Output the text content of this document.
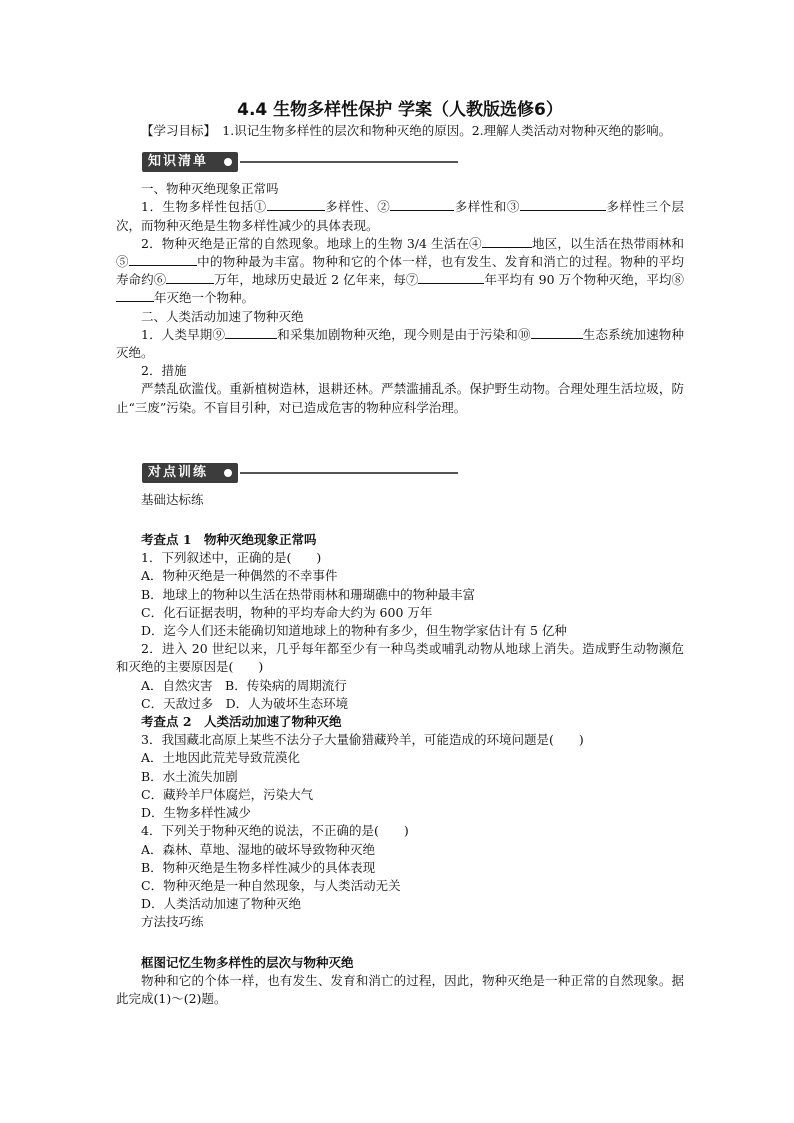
4.4 生物多样性保护 学案（人教版选修6）

【学习目标】　 1.识记生物多样性的层次和物种灭绝的原因。2.理解人类活动对物种灭绝的影响。

知识清单

一、物种灭绝现象正常吗

1．生物多样性包括①	多样性、②	多样性和③	多样性三个层次，而物种灭绝是生物多样性减少的具体表现。

2．物种灭绝是正常的自然现象。地球上的生物 3/4 生活在④	地区，以生活在热带雨林和⑤	中的物种最为丰富。物种和它的个体一样，也有发生、发育和消亡的过程。物种的平均寿命约⑥	万年，地球历史最近 2 亿年来，每⑦	年平均有 90 万个物种灭绝，平均⑧年灭绝一个物种。

二、人类活动加速了物种灭绝

1．人类早期⑨	和采集加剧物种灭绝，现今则是由于污染和⑩	生态系统加速物种灭绝。

2．措施

严禁乱砍滥伐。重新植树造林，退耕还林。严禁滥捕乱杀。保护野生动物。合理处理生活垃圾，防止“三废”污染。不盲目引种，对已造成危害的物种应科学治理。

对点训练

基础达标练

考查点 1　物种灭绝现象正常吗

1．下列叙述中，正确的是(　　)

A．物种灭绝是一种偶然的不幸事件

B．地球上的物种以生活在热带雨林和珊瑚礁中的物种最丰富

C．化石证据表明，物种的平均寿命大约为 600 万年

D．迄今人们还未能确切知道地球上的物种有多少，但生物学家估计有 5 亿种

2．进入 20 世纪以来，几乎每年都至少有一种鸟类或哺乳动物从地球上消失。造成野生动物濒危和灭绝的主要原因是(　　)

A．自然灾害　B．传染病的周期流行

C．天敌过多　D．人为破坏生态环境

考查点 2　人类活动加速了物种灭绝

3．我国藏北高原上某些不法分子大量偷猎藏羚羊，可能造成的环境问题是(　　)

A．土地因此荒芜导致荒漠化

B．水土流失加剧

C．藏羚羊尸体腐烂，污染大气

D．生物多样性减少

4．下列关于物种灭绝的说法，不正确的是(　　)

A．森林、草地、湿地的破坏导致物种灭绝

B．物种灭绝是生物多样性减少的具体表现

C．物种灭绝是一种自然现象，与人类活动无关

D．人类活动加速了物种灭绝

方法技巧练

框图记忆生物多样性的层次与物种灭绝

物种和它的个体一样，也有发生、发育和消亡的过程，因此，物种灭绝是一种正常的自然现象。据此完成(1)～(2)题。
